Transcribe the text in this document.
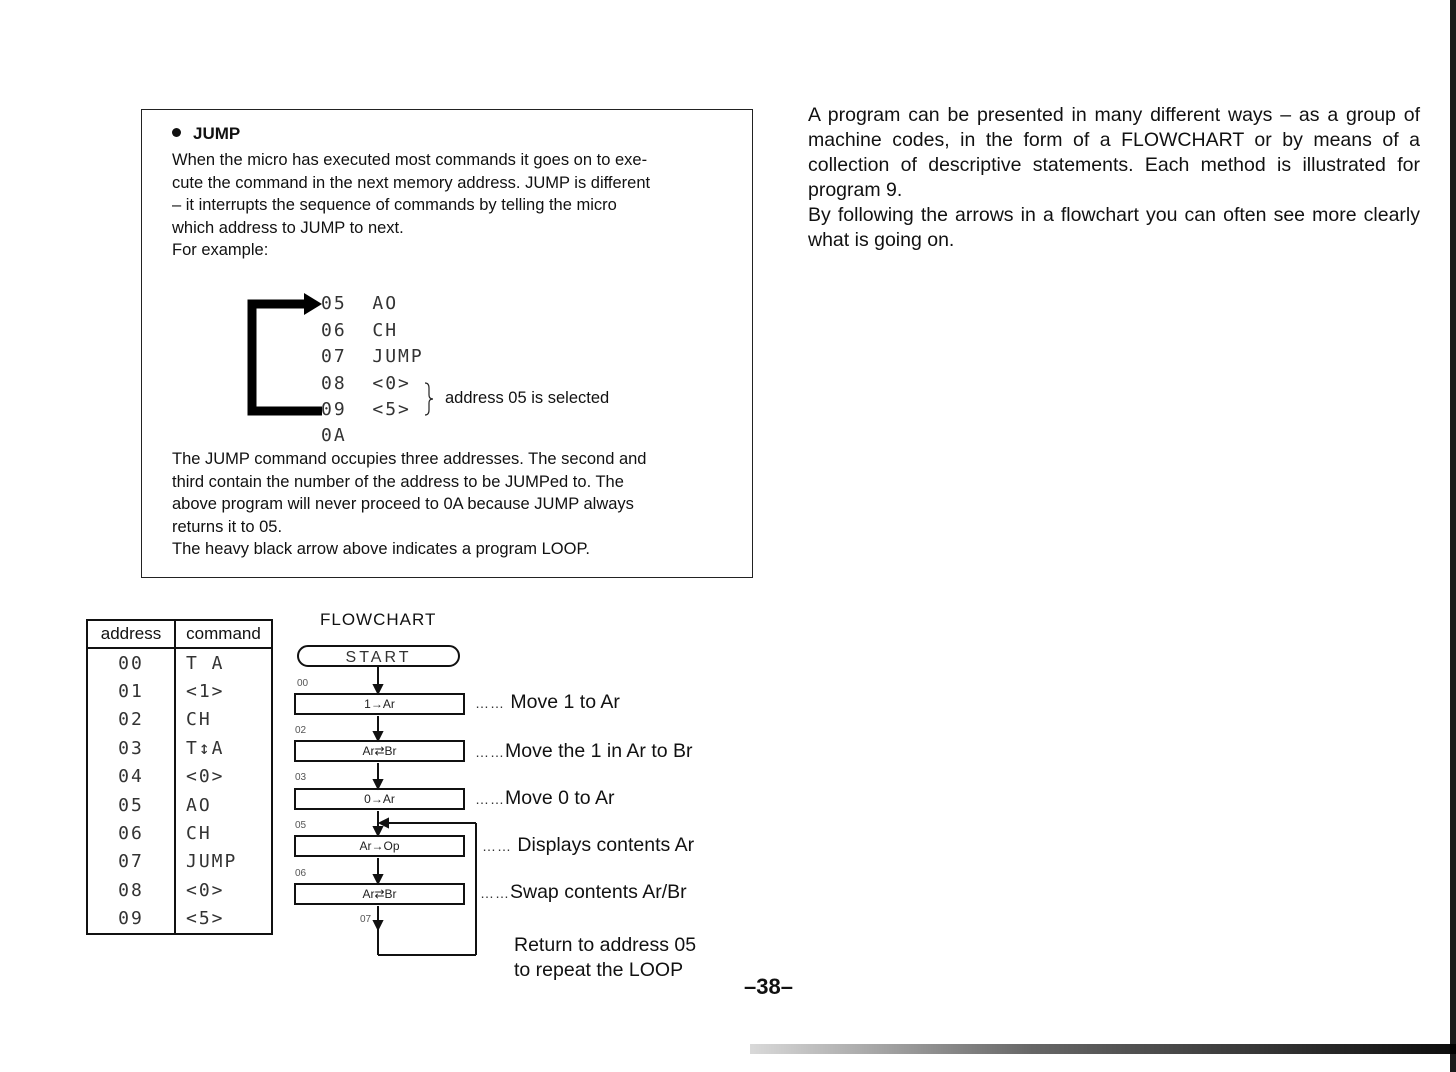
JUMP
When the micro has executed most commands it goes on to exe-
cute the command in the next memory address. JUMP is different
– it interrupts the sequence of commands by telling the micro
which address to JUMP to next.
For example:
05 AO
06 CH
07 JUMP
08 <0>
09 <5>
0A
address 05 is selected
The JUMP command occupies three addresses. The second and
third contain the number of the address to be JUMPed to. The
above program will never proceed to 0A because JUMP always
returns it to 05.
The heavy black arrow above indicates a program LOOP.
A program can be presented in many different ways – as a group of machine codes, in the form of a FLOWCHART or by means of a collection of descriptive statements. Each method is illustrated for program 9.
By following the arrows in a flowchart you can often see more clearly what is going on.
address	command
00	T A
01	<1>
02	CH
03	T↕A
04	<0>
05	AO
06	CH
07	JUMP
08	<0>
09	<5>
FLOWCHART
START
00
1→Ar	…… Move 1 to Ar
02
Ar⇄Br	……Move the 1 in Ar to Br
03
0→Ar	……Move 0 to Ar
05
Ar→Op	…… Displays contents Ar
06
Ar⇄Br	……Swap contents Ar/Br
07
Return to address 05
to repeat the LOOP
–38–
